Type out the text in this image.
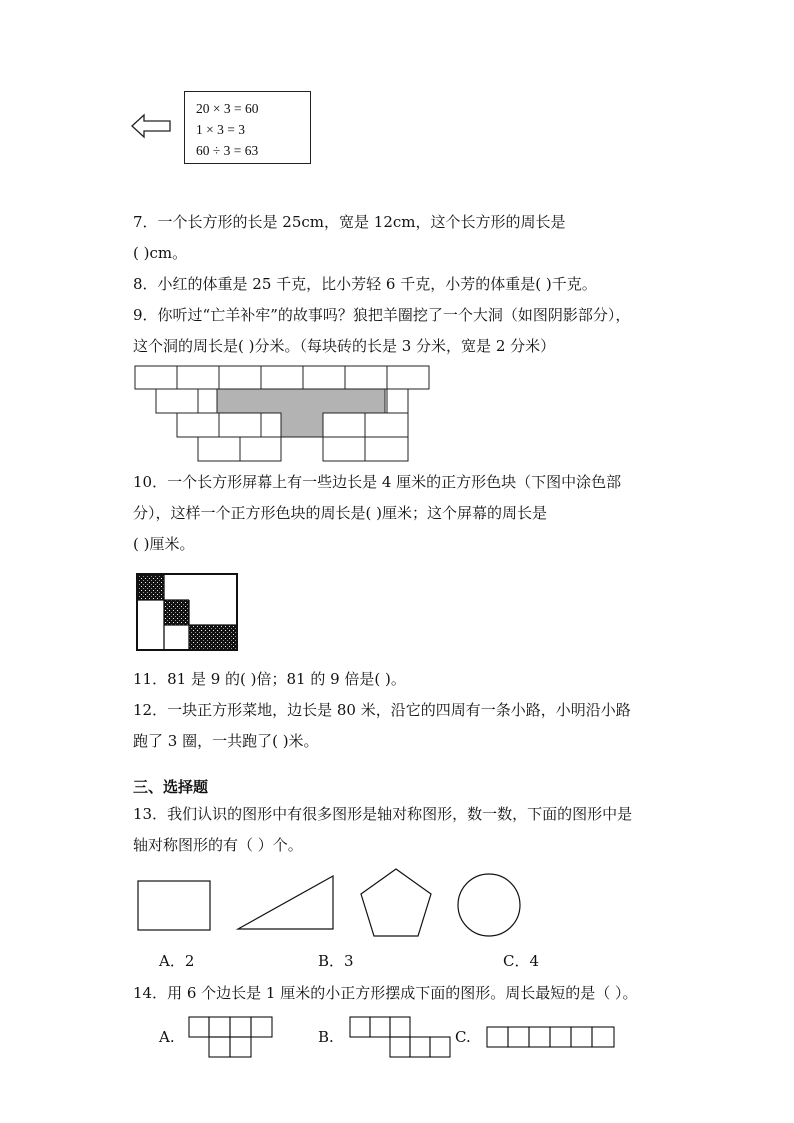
20 × 3 = 60
1 × 3 = 3
60 ÷ 3 = 63
7．一个长方形的长是 25cm，宽是 12cm，这个长方形的周长是
( )cm。
8．小红的体重是 25 千克，比小芳轻 6 千克，小芳的体重是( )千克。
9．你听过“亡羊补牢”的故事吗？狼把羊圈挖了一个大洞（如图阴影部分），
这个洞的周长是( )分米。（每块砖的长是 3 分米，宽是 2 分米）
10．一个长方形屏幕上有一些边长是 4 厘米的正方形色块（下图中涂色部
分），这样一个正方形色块的周长是( )厘米；这个屏幕的周长是
( )厘米。
11．81 是 9 的( )倍；81 的 9 倍是( )。
12．一块正方形菜地，边长是 80 米，沿它的四周有一条小路，小明沿小路
跑了 3 圈，一共跑了( )米。
三、选择题
13．我们认识的图形中有很多图形是轴对称图形，数一数，下面的图形中是
轴对称图形的有（ ）个。
A．2	B．3	C．4
14．用 6 个边长是 1 厘米的小正方形摆成下面的图形。周长最短的是（ ）。
A.	B.	C.
